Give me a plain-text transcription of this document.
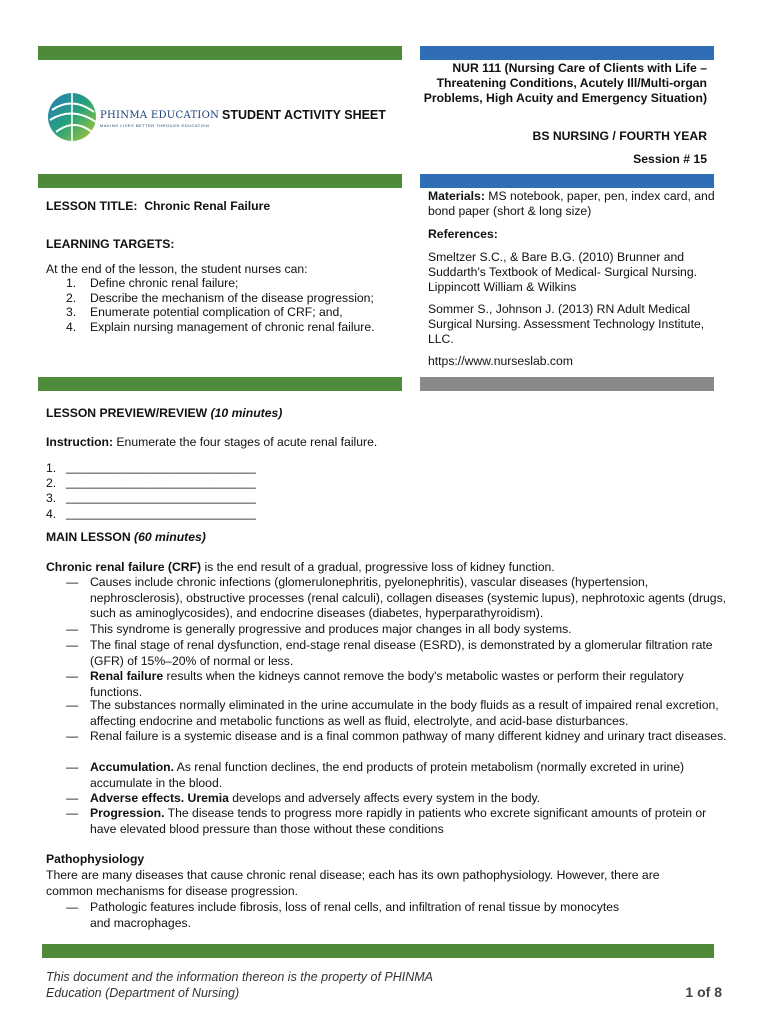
PHINMA EDUCATION
MAKING LIVES BETTER THROUGH EDUCATION
STUDENT ACTIVITY SHEET
NUR 111 (Nursing Care of Clients with Life – Threatening Conditions, Acutely Ill/Multi-organ Problems, High Acuity and Emergency Situation)
BS NURSING / FOURTH YEAR
Session # 15
LESSON TITLE: Chronic Renal Failure
LEARNING TARGETS:
At the end of the lesson, the student nurses can:
1. Define chronic renal failure;
2. Describe the mechanism of the disease progression;
3. Enumerate potential complication of CRF; and,
4. Explain nursing management of chronic renal failure.
Materials: MS notebook, paper, pen, index card, and bond paper (short & long size)
References:
Smeltzer S.C., & Bare B.G. (2010) Brunner and Suddarth's Textbook of Medical- Surgical Nursing. Lippincott William & Wilkins
Sommer S., Johnson J. (2013) RN Adult Medical Surgical Nursing. Assessment Technology Institute, LLC.
https://www.nurseslab.com
LESSON PREVIEW/REVIEW (10 minutes)
Instruction: Enumerate the four stages of acute renal failure.
1. ____________________________
2. ____________________________
3. ____________________________
4. ____________________________
MAIN LESSON (60 minutes)
Chronic renal failure (CRF) is the end result of a gradual, progressive loss of kidney function.
— Causes include chronic infections (glomerulonephritis, pyelonephritis), vascular diseases (hypertension, nephrosclerosis), obstructive processes (renal calculi), collagen diseases (systemic lupus), nephrotoxic agents (drugs, such as aminoglycosides), and endocrine diseases (diabetes, hyperparathyroidism).
— This syndrome is generally progressive and produces major changes in all body systems.
— The final stage of renal dysfunction, end-stage renal disease (ESRD), is demonstrated by a glomerular filtration rate (GFR) of 15%–20% of normal or less.
— Renal failure results when the kidneys cannot remove the body's metabolic wastes or perform their regulatory functions.
— The substances normally eliminated in the urine accumulate in the body fluids as a result of impaired renal excretion, affecting endocrine and metabolic functions as well as fluid, electrolyte, and acid-base disturbances.
— Renal failure is a systemic disease and is a final common pathway of many different kidney and urinary tract diseases.
— Accumulation. As renal function declines, the end products of protein metabolism (normally excreted in urine) accumulate in the blood.
— Adverse effects. Uremia develops and adversely affects every system in the body.
— Progression. The disease tends to progress more rapidly in patients who excrete significant amounts of protein or have elevated blood pressure than those without these conditions
Pathophysiology
There are many diseases that cause chronic renal disease; each has its own pathophysiology. However, there are common mechanisms for disease progression.
— Pathologic features include fibrosis, loss of renal cells, and infiltration of renal tissue by monocytes and macrophages.
This document and the information thereon is the property of PHINMA Education (Department of Nursing)	1 of 8
